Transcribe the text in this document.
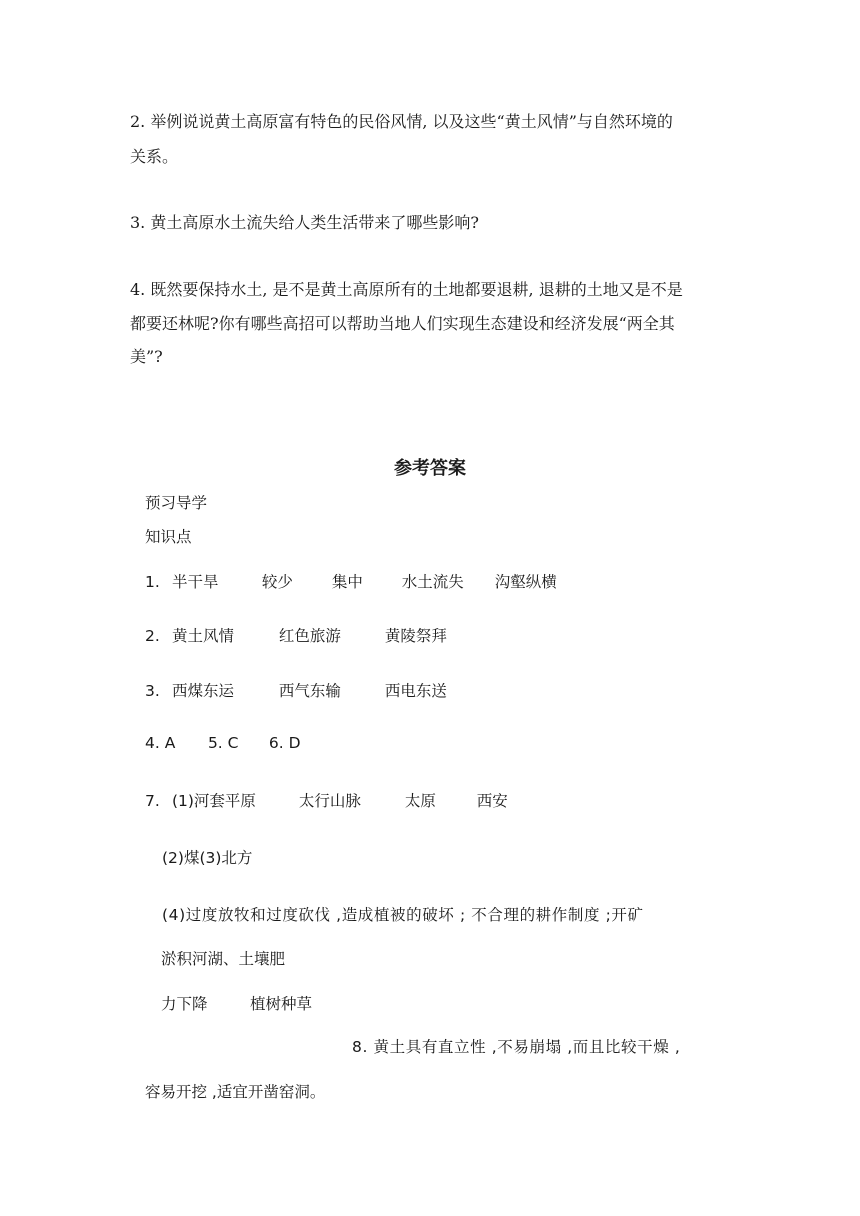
2. 举例说说黄土高原富有特色的民俗风情, 以及这些“黄土风情”与自然环境的
关系。
3. 黄土高原水土流失给人类生活带来了哪些影响?
4. 既然要保持水土, 是不是黄土高原所有的土地都要退耕, 退耕的土地又是不是
都要还林呢?你有哪些高招可以帮助当地人们实现生态建设和经济发展“两全其
美”?
参考答案
预习导学
知识点
1. 半干旱	较少	集中	水土流失 沟壑纵横
2. 黄土风情	红色旅游	黄陵祭拜
3. 西煤东运	西气东输	西电东送
4. A 5. C 6. D
7. (1)河套平原	太行山脉	太原	西安
(2)煤(3)北方
(4)过度放牧和过度砍伐 ,造成植被的破坏 ; 不合理的耕作制度 ;开矿
淤积河湖、土壤肥
力下降	植树种草
8. 黄土具有直立性 ,不易崩塌 ,而且比较干燥 ,
容易开挖 ,适宜开凿窑洞。
